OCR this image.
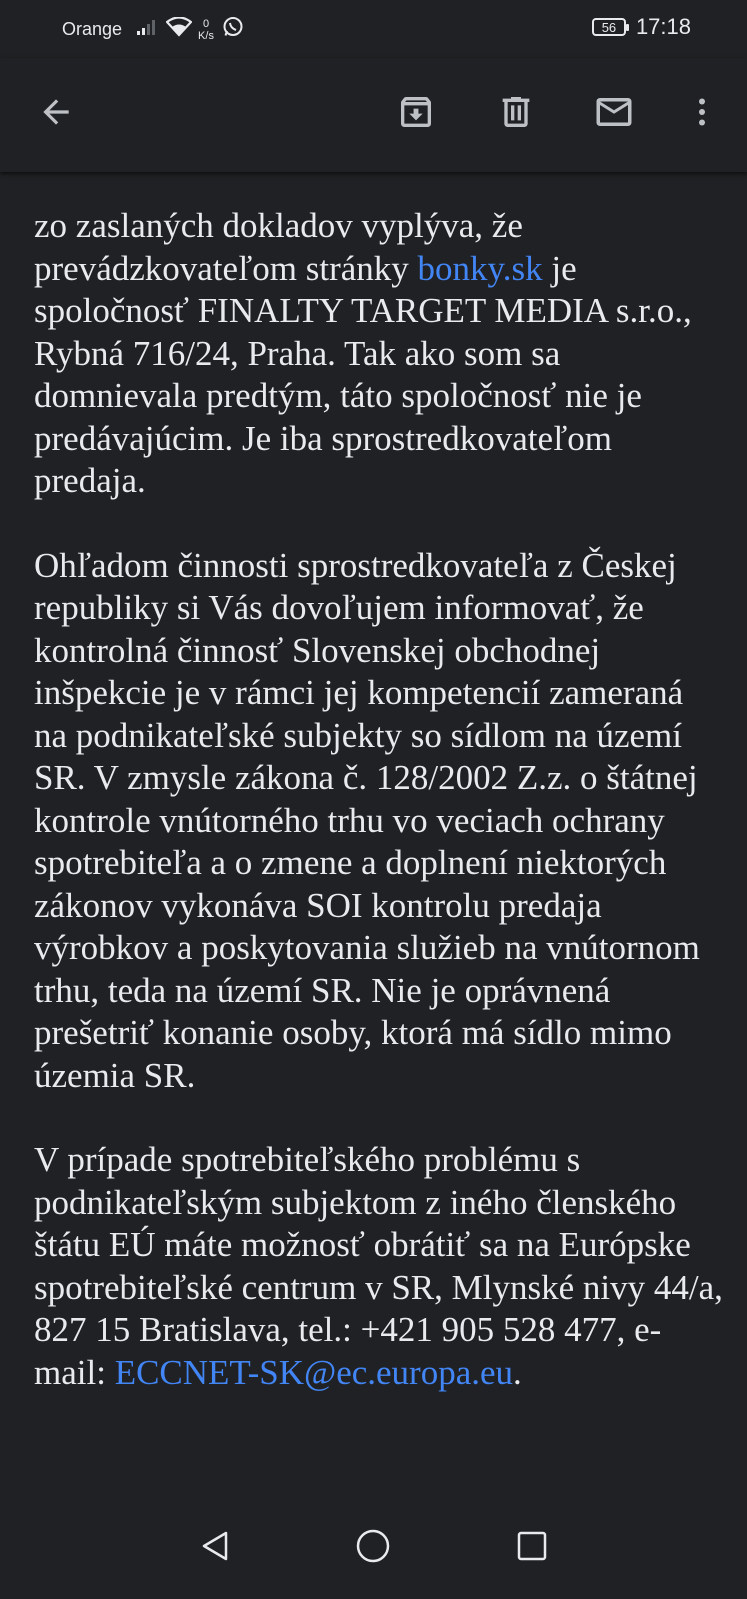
Orange	0
K/s
56 17:18

zo zaslaných dokladov vyplýva, že prevádzkovateľom stránky bonky.sk je spoločnosť FINALTY TARGET MEDIA s.r.o., Rybná 716/24, Praha. Tak ako som sa domnievala predtým, táto spoločnosť nie je predávajúcim. Je iba sprostredkovateľom predaja.

Ohľadom činnosti sprostredkovateľa z Českej republiky si Vás dovoľujem informovať, že kontrolná činnosť Slovenskej obchodnej inšpekcie je v rámci jej kompetencií zameraná na podnikateľské subjekty so sídlom na území SR. V zmysle zákona č. 128/2002 Z.z. o štátnej kontrole vnútorného trhu vo veciach ochrany spotrebiteľa a o zmene a doplnení niektorých zákonov vykonáva SOI kontrolu predaja výrobkov a poskytovania služieb na vnútornom trhu, teda na území SR. Nie je oprávnená prešetriť konanie osoby, ktorá má sídlo mimo územia SR.

V prípade spotrebiteľského problému s podnikateľským subjektom z iného členského štátu EÚ máte možnosť obrátiť sa na Európske spotrebiteľské centrum v SR, Mlynské nivy 44/a, 827 15 Bratislava, tel.: +421 905 528 477, e-mail: ECCNET-SK@ec.europa.eu.
